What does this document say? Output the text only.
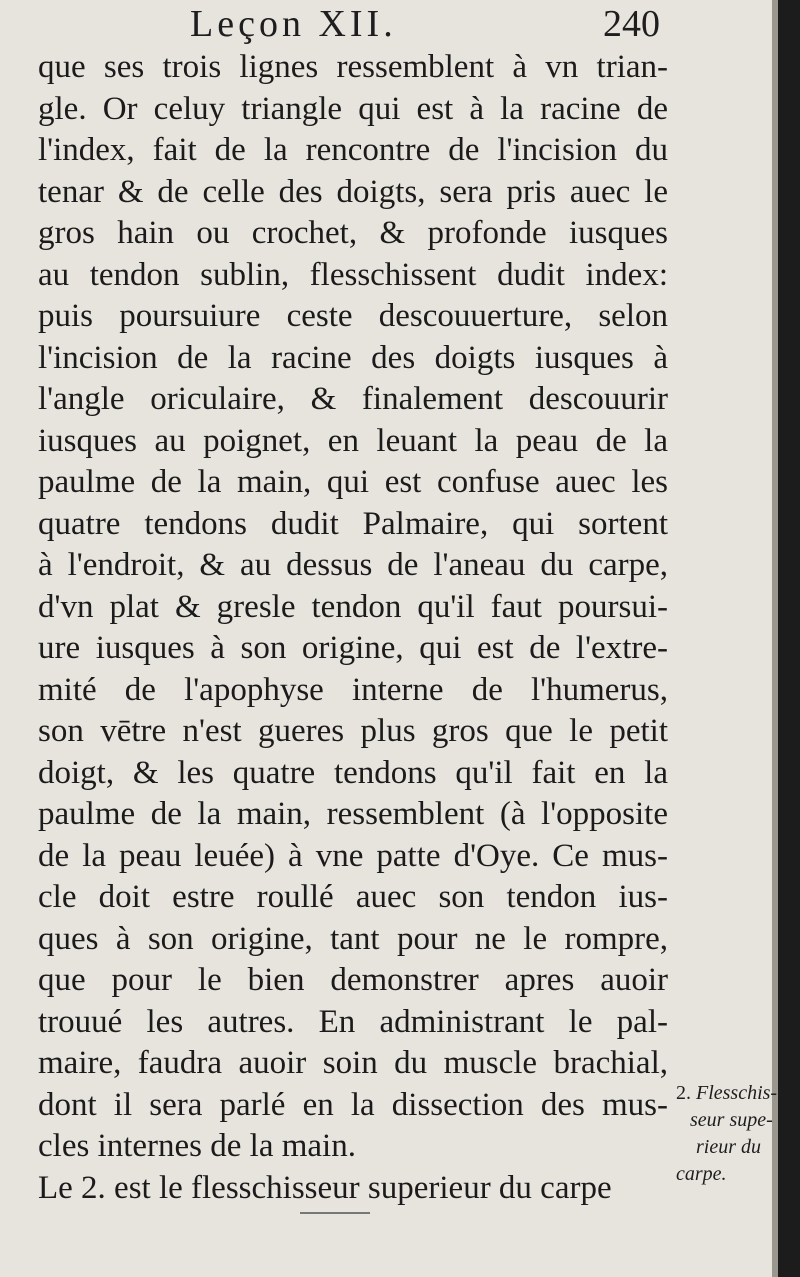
Leçon XII.	240
que ses trois lignes ressemblent à vn trian-
gle. Or celuy triangle qui est à la racine de
l'index, fait de la rencontre de l'incision du
tenar & de celle des doigts, sera pris auec le
gros hain ou crochet, & profonde iusques
au tendon sublin, flesschissent dudit index:
puis poursuiure ceste descouuerture, selon
l'incision de la racine des doigts iusques à
l'angle oriculaire, & finalement descouurir
iusques au poignet, en leuant la peau de la
paulme de la main, qui est confuse auec les
quatre tendons dudit Palmaire, qui sortent
à l'endroit, & au dessus de l'aneau du carpe,
d'vn plat & gresle tendon qu'il faut poursui-
ure iusques à son origine, qui est de l'extre-
mité de l'apophyse interne de l'humerus,
son vētre n'est gueres plus gros que le petit
doigt, & les quatre tendons qu'il fait en la
paulme de la main, ressemblent (à l'opposite
de la peau leuée) à vne patte d'Oye. Ce mus-
cle doit estre roullé auec son tendon ius-
ques à son origine, tant pour ne le rompre,
que pour le bien demonstrer apres auoir
trouué les autres. En administrant le pal-
maire, faudra auoir soin du muscle brachial,
dont il sera parlé en la dissection des mus-
cles internes de la main.
Le 2. est le flesschisseur superieur du carpe
2. Flesschis-
seur supe-
rieur du
carpe.
